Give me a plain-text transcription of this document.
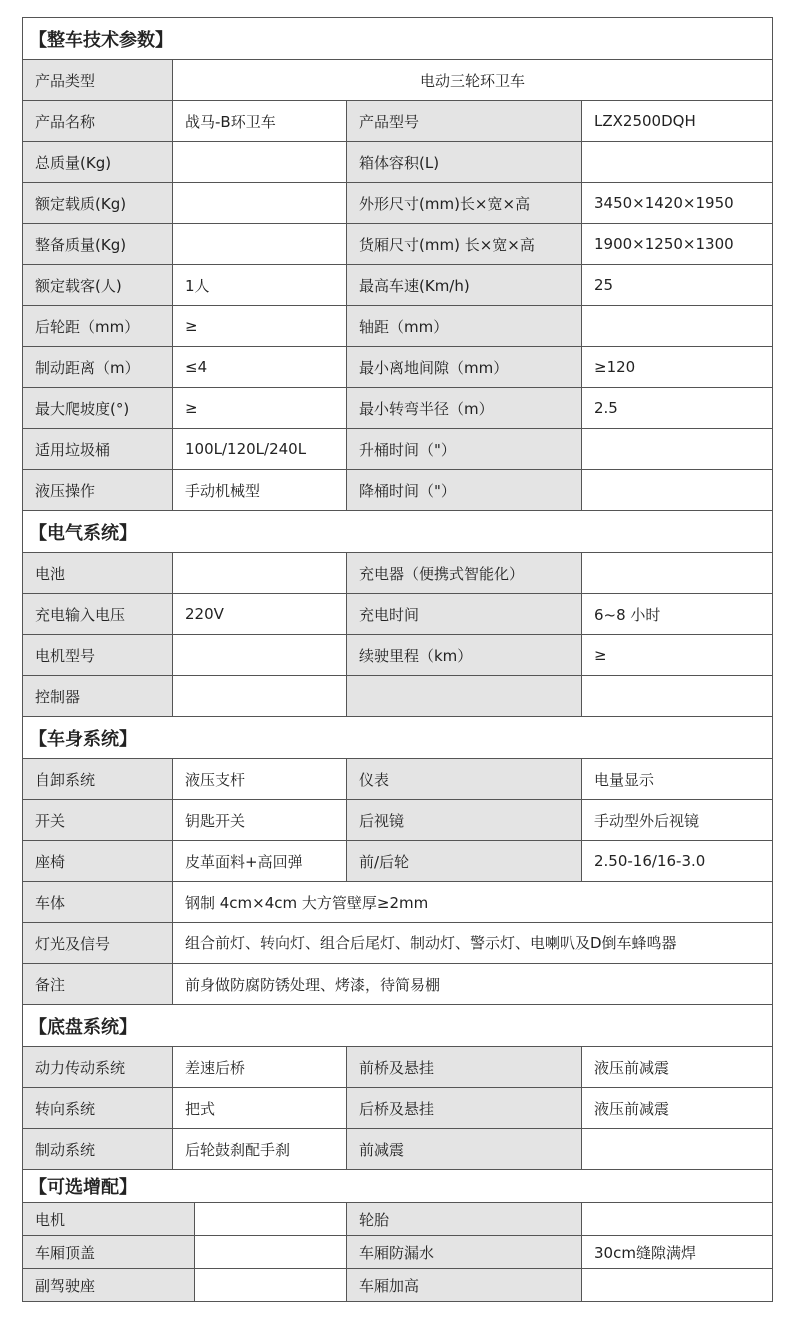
【整车技术参数】			
产品类型	电动三轮环卫车		
产品名称	战马-B环卫车	产品型号	LZX2500DQH
总质量(Kg)		箱体容积(L)	
额定载质(Kg)		外形尺寸(mm)长×宽×高	3450×1420×1950
整备质量(Kg)		货厢尺寸(mm) 长×宽×高	1900×1250×1300
额定载客(人)	1人	最高车速(Km/h)	25
后轮距（mm）	≥	轴距（mm）	
制动距离（m）	≤4	最小离地间隙（mm）	≥120
最大爬坡度(°)	≥	最小转弯半径（m）	2.5
适用垃圾桶	100L/120L/240L	升桶时间（"）	
液压操作	手动机械型	降桶时间（"）	
【电气系统】			
电池		充电器（便携式智能化）	
充电输入电压	220V	充电时间	6~8 小时
电机型号		续驶里程（km）	≥
控制器			
【车身系统】			
自卸系统	液压支杆	仪表	电量显示
开关	钥匙开关	后视镜	手动型外后视镜
座椅	皮革面料+高回弹	前/后轮	2.50-16/16-3.0
车体	钢制 4cm×4cm 大方管壁厚≥2mm		
灯光及信号	组合前灯、转向灯、组合后尾灯、制动灯、警示灯、电喇叭及D倒车蜂鸣器		
备注	前身做防腐防锈处理、烤漆，待简易棚		
【底盘系统】			
动力传动系统	差速后桥	前桥及悬挂	液压前减震
转向系统	把式	后桥及悬挂	液压前减震
制动系统	后轮鼓刹配手刹	前减震	
【可选增配】			
电机		轮胎	
车厢顶盖		车厢防漏水	30cm缝隙满焊
副驾驶座		车厢加高	
